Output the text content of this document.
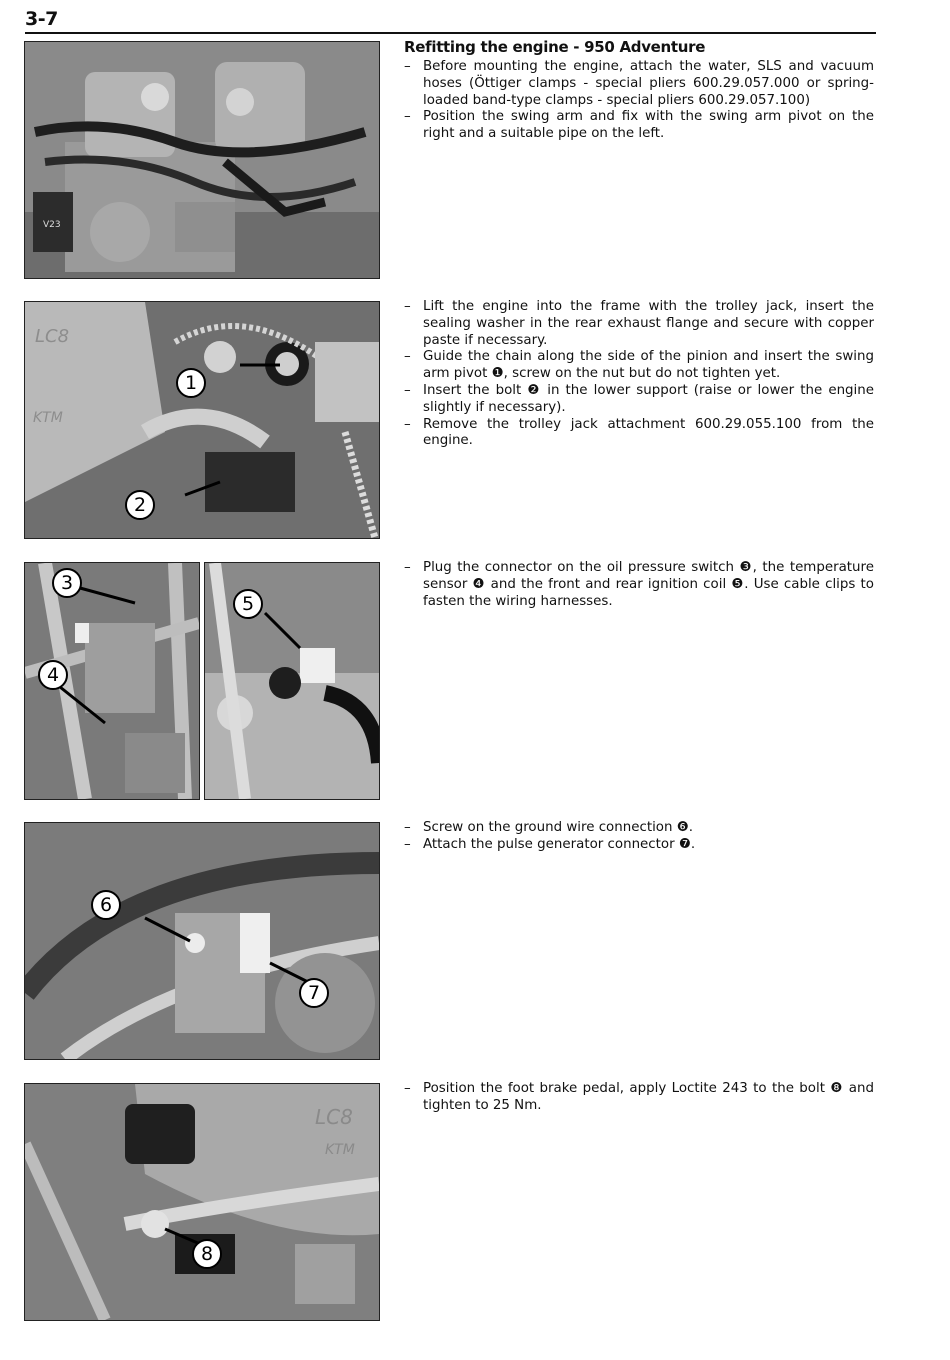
3-7
V23
Refitting the engine - 950 Adventure
– Before mounting the engine, attach the water, SLS and vacuum hoses (Öttiger clamps - special pliers 600.29.057.000 or spring-loaded band-type clamps - special pliers 600.29.057.100)
– Position the swing arm and fix with the swing arm pivot on the right and a suitable pipe on the left.
LC8
KTM
– Lift the engine into the frame with the trolley jack, insert the sealing washer in the rear exhaust flange and secure with copper paste if necessary.
– Guide the chain along the side of the pinion and insert the swing arm pivot ❶, screw on the nut but do not tighten yet.
– Insert the bolt ❷ in the lower support (raise or lower the engine slightly if necessary).
– Remove the trolley jack attachment 600.29.055.100 from the engine.
– Plug the connector on the oil pressure switch ❸, the temperature sensor ❹ and the front and rear ignition coil ❺. Use cable clips to fasten the wiring harnesses.
– Screw on the ground wire connection ❻.
– Attach the pulse generator connector ❼.
LC8
KTM
– Position the foot brake pedal, apply Loctite 243 to the bolt ❽ and tighten to 25 Nm.
1
2
3
4
5
6
7
8
